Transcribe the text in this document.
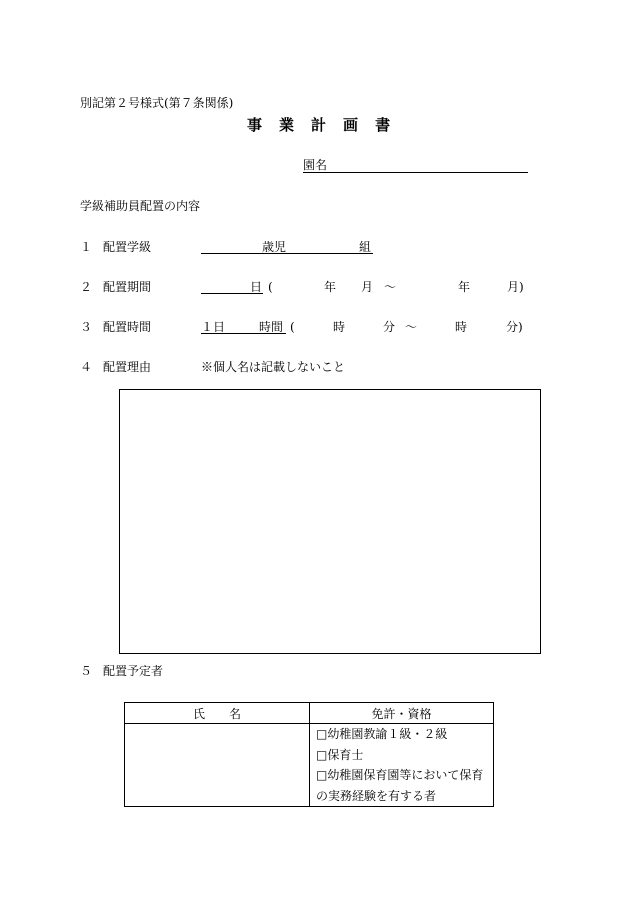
別記第２号様式(第７条関係)
事 業 計 画 書
園名
学級補助員配置の内容
１ 配置学級	歳児	組
２ 配置期間	日 (	年 月 ～	年	月)
３ 配置時間	１日	時間 (	時	分 ～	時	分)
４ 配置理由	※個人名は記載しないこと
５ 配置予定者
氏　　名	免許・資格

	□幼稚園教諭１級・２級
□保育士
□幼稚園保育園等において保育
の実務経験を有する者
